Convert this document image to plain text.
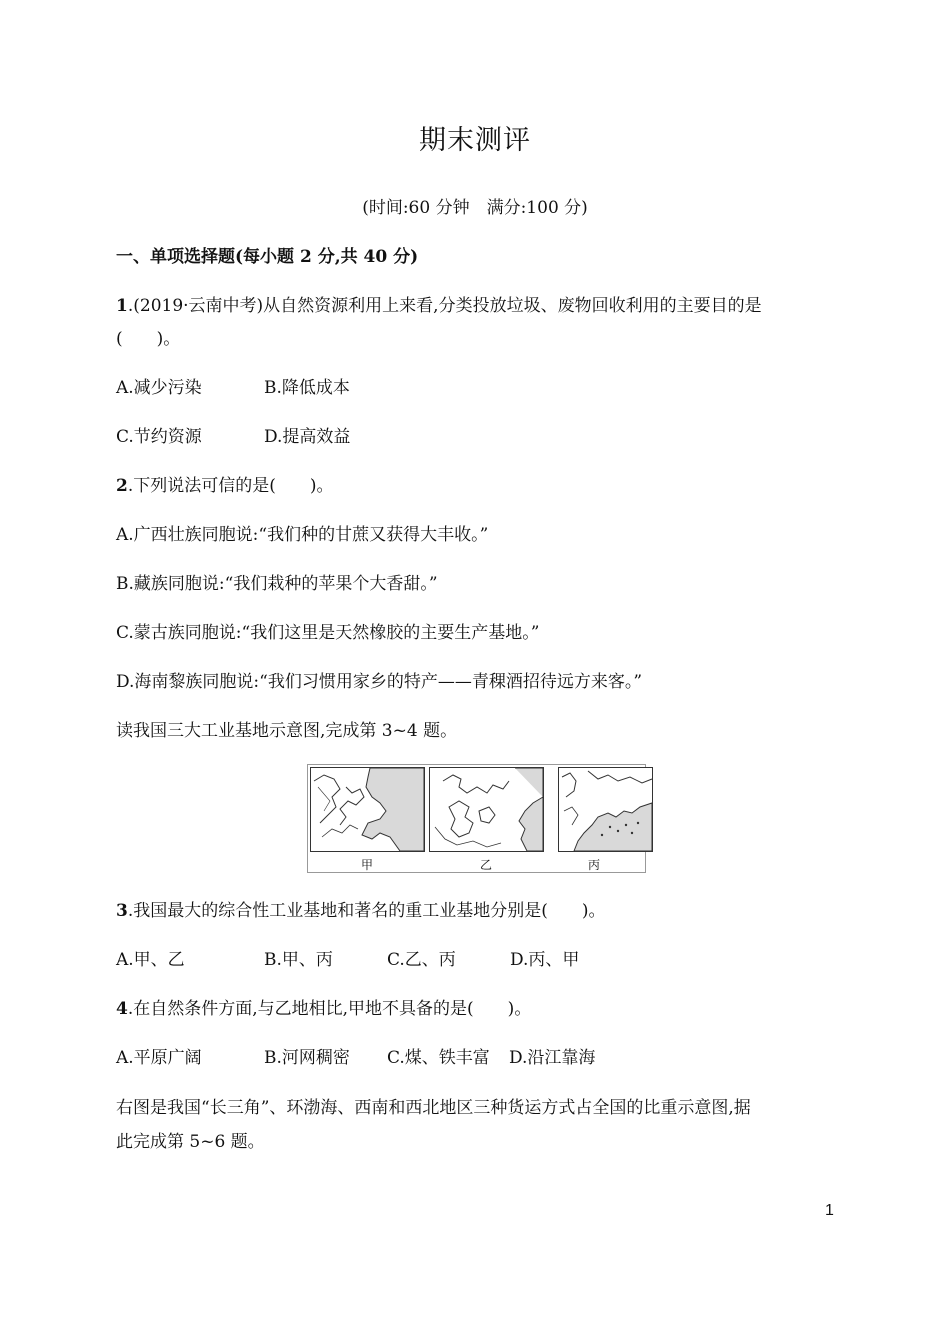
期末测评
(时间:60 分钟　满分:100 分)
一、单项选择题(每小题 2 分,共 40 分)
1.(2019·云南中考)从自然资源利用上来看,分类投放垃圾、废物回收利用的主要目的是
(　　)。
A.减少污染	B.降低成本
C.节约资源	D.提高效益
2.下列说法可信的是(　　)。
A.广西壮族同胞说:“我们种的甘蔗又获得大丰收。”
B.藏族同胞说:“我们栽种的苹果个大香甜。”
C.蒙古族同胞说:“我们这里是天然橡胶的主要生产基地。”
D.海南黎族同胞说:“我们习惯用家乡的特产——青稞酒招待远方来客。”
读我国三大工业基地示意图,完成第 3~4 题。
甲	乙	丙
3.我国最大的综合性工业基地和著名的重工业基地分别是(　　)。
A.甲、乙	B.甲、丙	C.乙、丙	D.丙、甲
4.在自然条件方面,与乙地相比,甲地不具备的是(　　)。
A.平原广阔	B.河网稠密 C.煤、铁丰富 D.沿江靠海
右图是我国“长三角”、环渤海、西南和西北地区三种货运方式占全国的比重示意图,据
此完成第 5~6 题。
1
